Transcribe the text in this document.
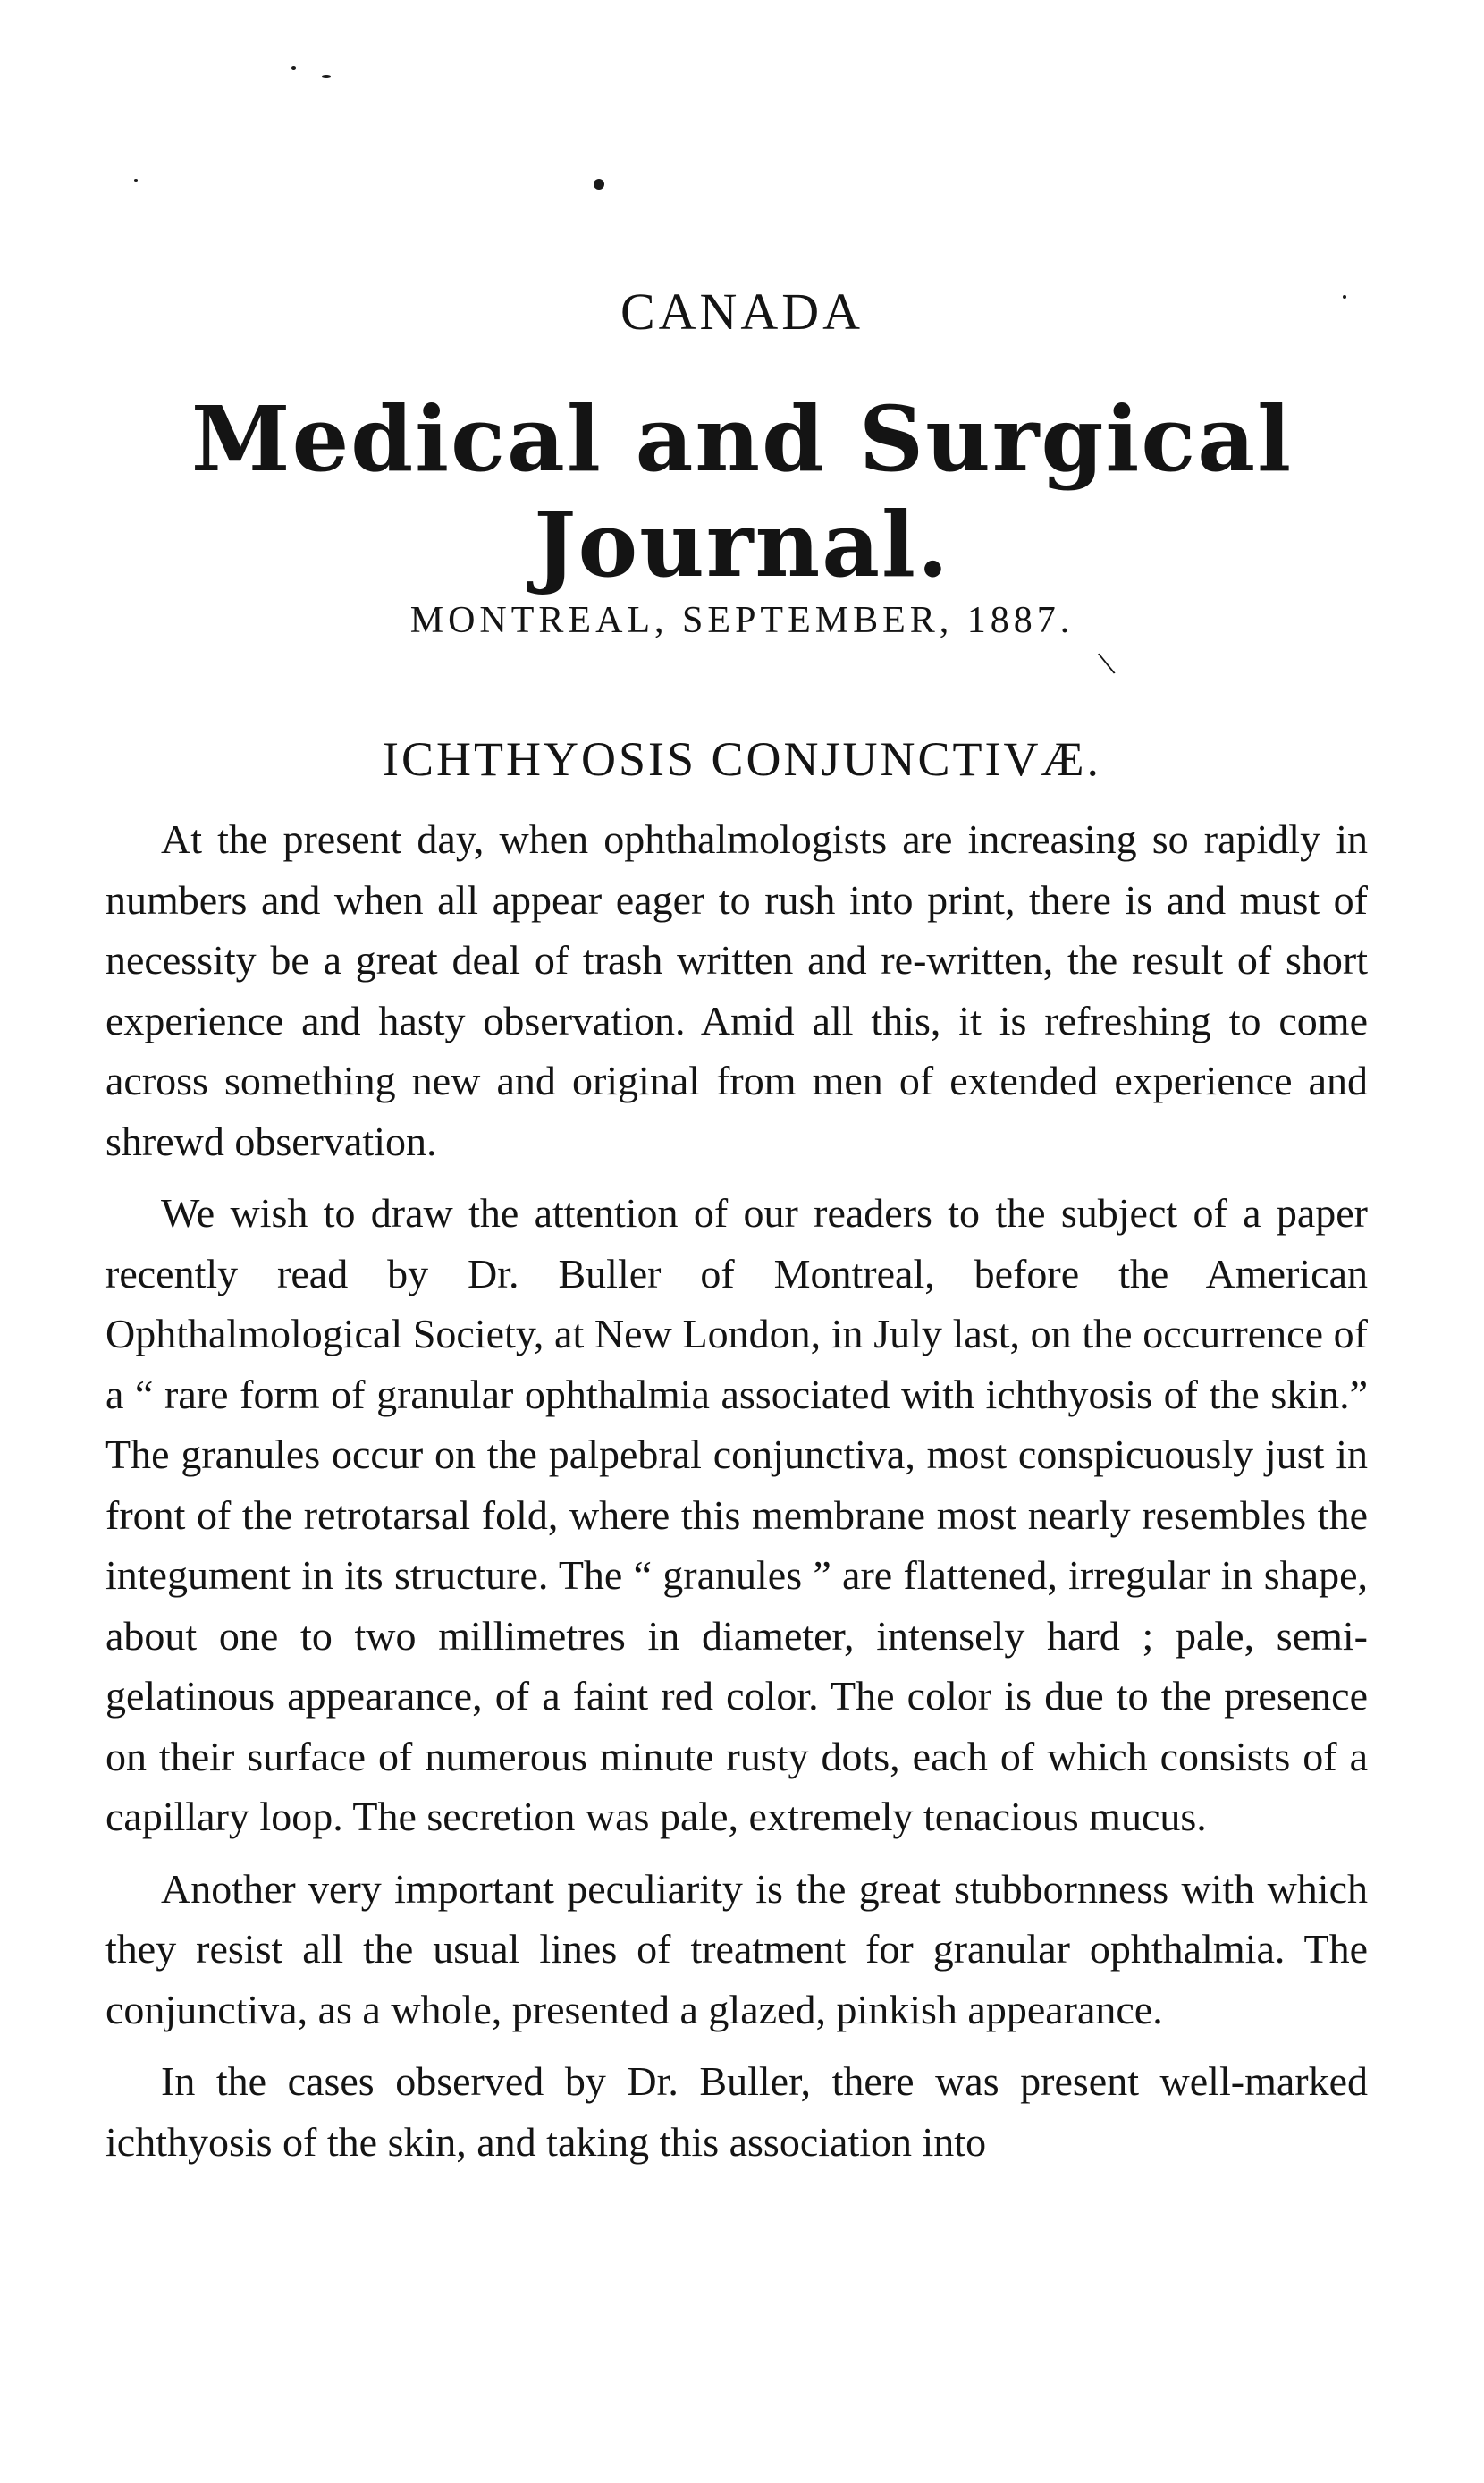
CANADA
Medical and Surgical Journal.
MONTREAL, SEPTEMBER, 1887.
\
ICHTHYOSIS CONJUNCTIVÆ.

At the present day, when ophthalmologists are increasing so rapidly in numbers and when all appear eager to rush into print, there is and must of necessity be a great deal of trash written and re-written, the result of short experience and hasty observation. Amid all this, it is refreshing to come across something new and original from men of extended experience and shrewd observation.

We wish to draw the attention of our readers to the subject of a paper recently read by Dr. Buller of Montreal, before the American Ophthalmological Society, at New London, in July last, on the occurrence of a “ rare form of granular ophthalmia associated with ichthyosis of the skin.” The granules occur on the palpebral conjunctiva, most conspicuously just in front of the retrotarsal fold, where this membrane most nearly resembles the integument in its structure. The “ granules ” are flattened, irregular in shape, about one to two millimetres in diameter, intensely hard ; pale, semi-gelatinous appearance, of a faint red color. The color is due to the presence on their surface of numerous minute rusty dots, each of which consists of a capillary loop. The secretion was pale, extremely tenacious mucus.

Another very important peculiarity is the great stubbornness with which they resist all the usual lines of treatment for granular ophthalmia. The conjunctiva, as a whole, presented a glazed, pinkish appearance.

In the cases observed by Dr. Buller, there was present well-marked ichthyosis of the skin, and taking this association into
